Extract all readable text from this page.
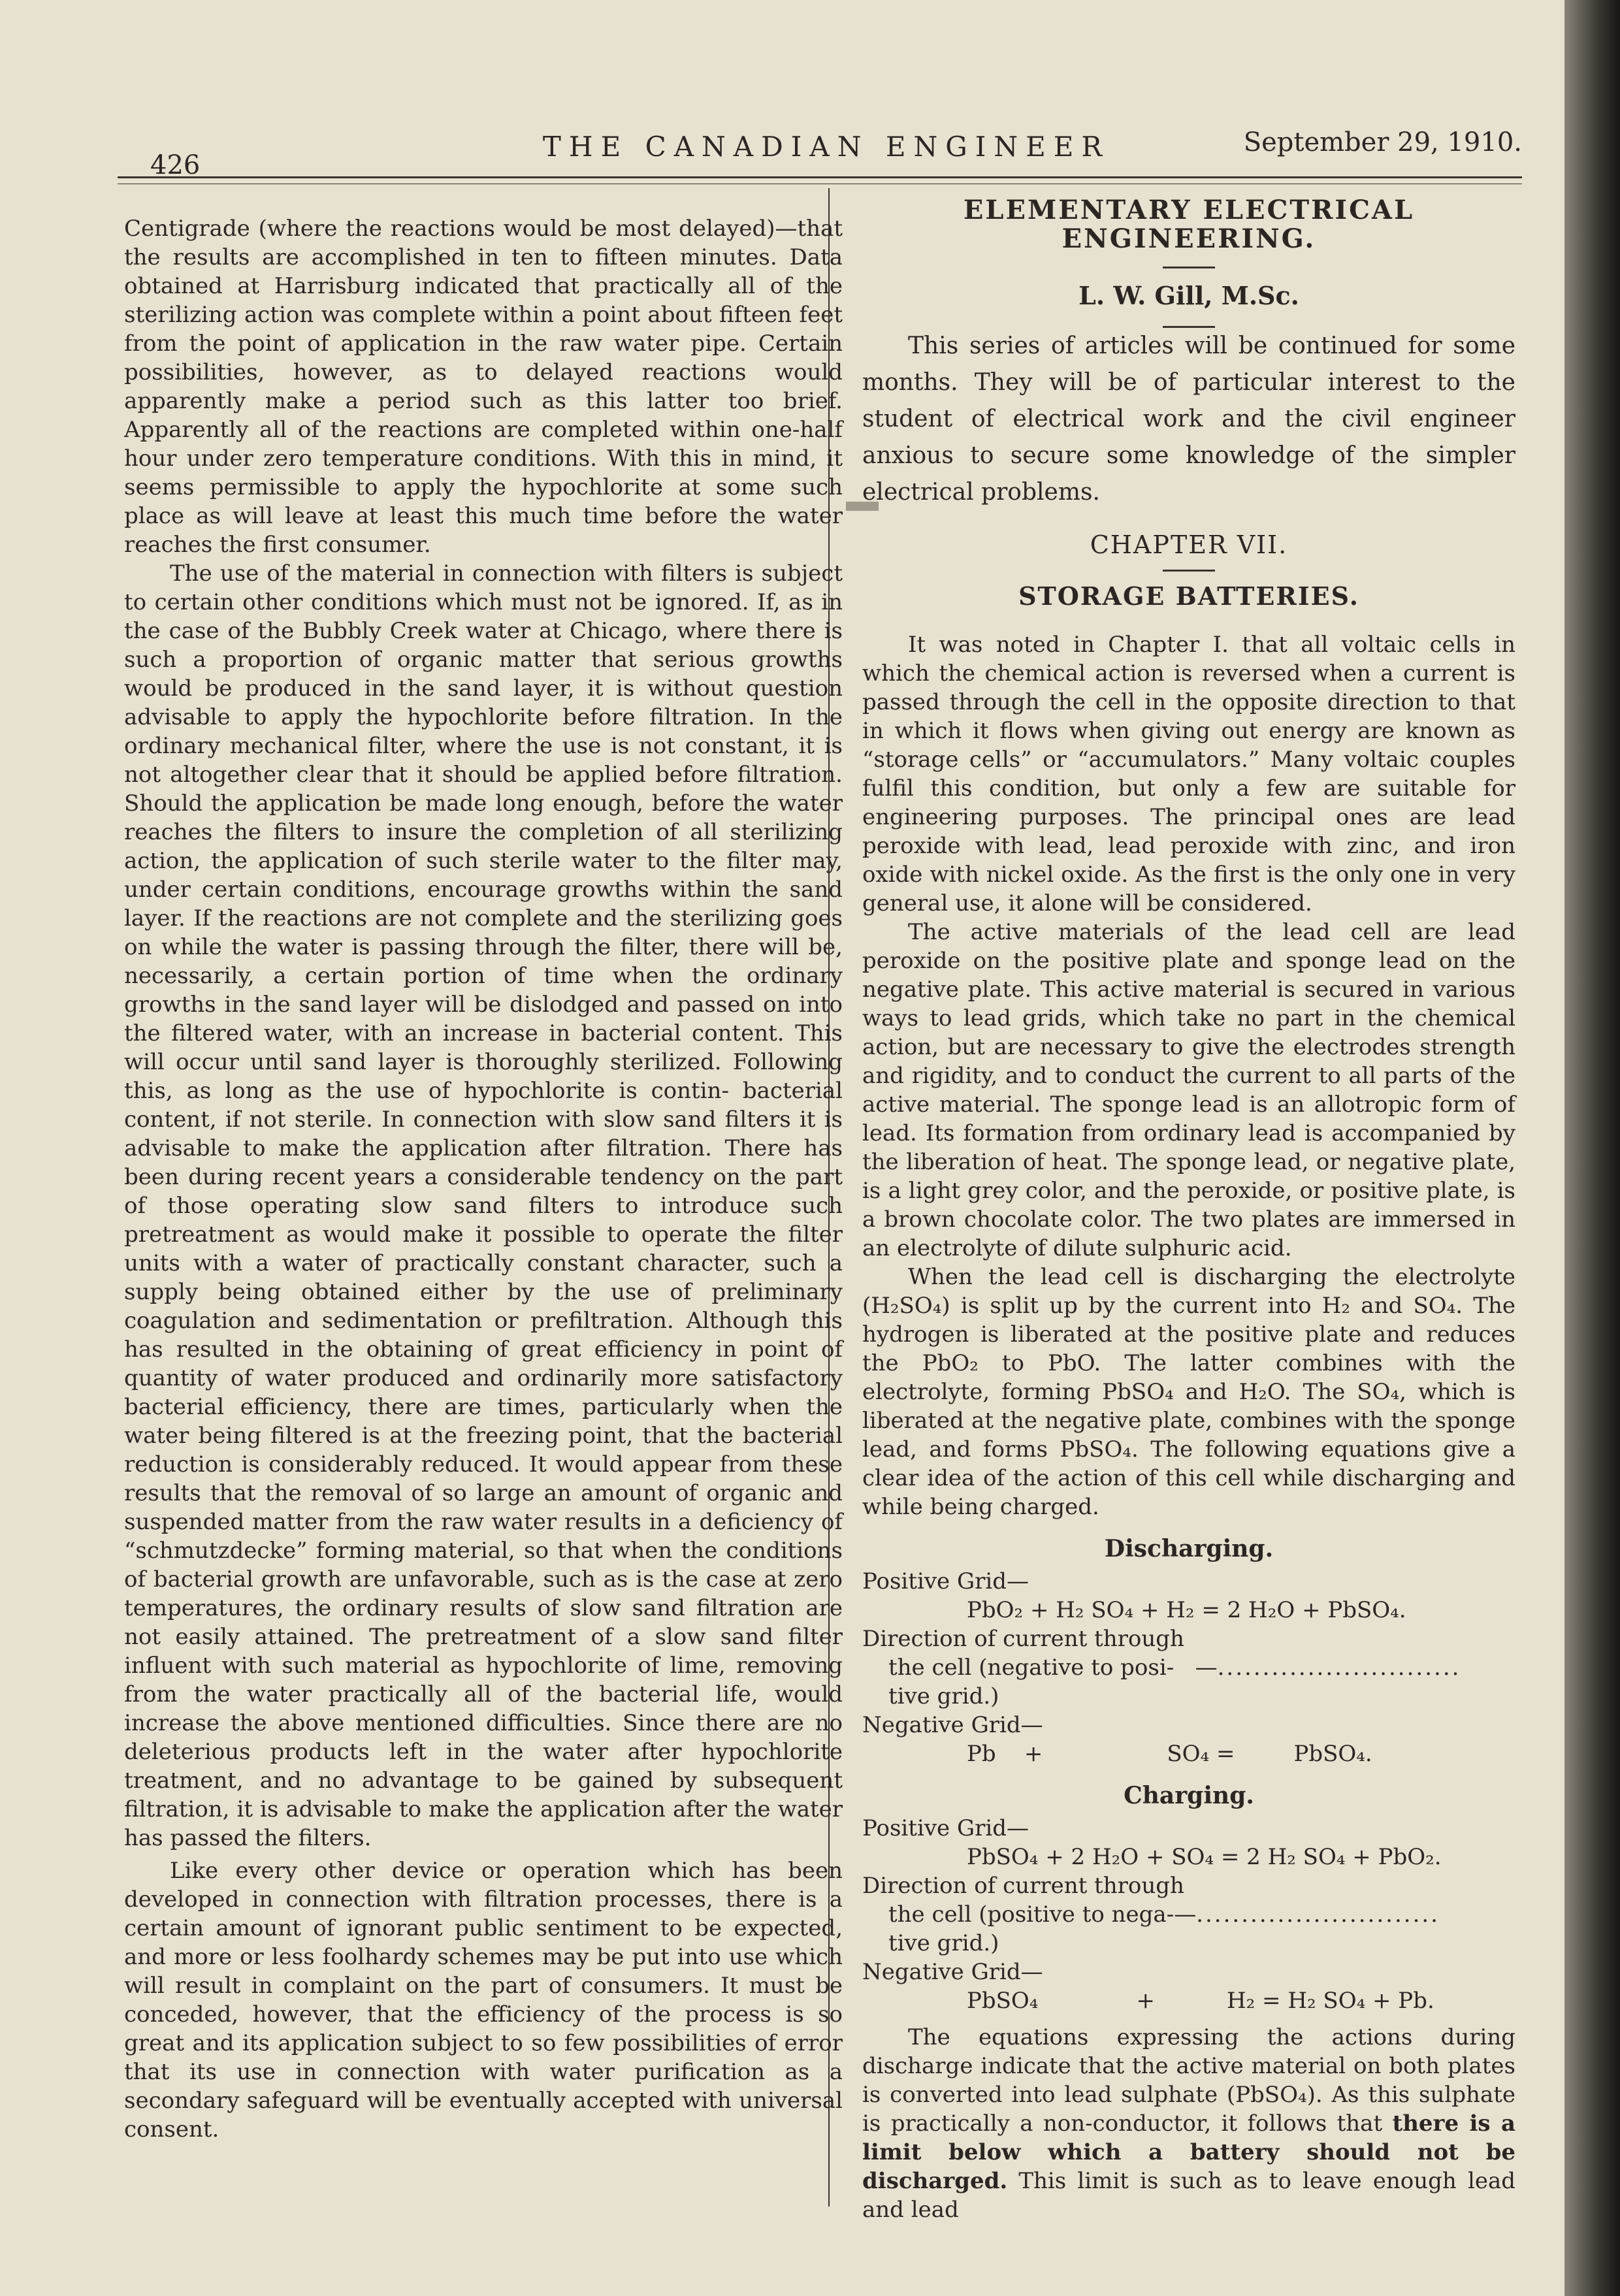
426
THE CANADIAN ENGINEER	September 29, 1910.

Centigrade (where the reactions would be most delayed)—that the results are accomplished in ten to fifteen minutes. Data obtained at Harrisburg indicated that practically all of the sterilizing action was complete within a point about fifteen feet from the point of application in the raw water pipe. Certain possibilities, however, as to delayed reactions would apparently make a period such as this latter too brief. Apparently all of the reactions are completed within one-half hour under zero temperature conditions. With this in mind, it seems permissible to apply the hypochlorite at some such place as will leave at least this much time before the water reaches the first consumer.

The use of the material in connection with filters is subject to certain other conditions which must not be ignored. If, as in the case of the Bubbly Creek water at Chicago, where there is such a proportion of organic matter that serious growths would be produced in the sand layer, it is without question advisable to apply the hypochlorite before filtration. In the ordinary mechanical filter, where the use is not constant, it is not altogether clear that it should be applied before filtration. Should the application be made long enough, before the water reaches the filters to insure the completion of all sterilizing action, the application of such sterile water to the filter may, under certain conditions, encourage growths within the sand layer. If the reactions are not complete and the sterilizing goes on while the water is passing through the filter, there will be, necessarily, a certain portion of time when the ordinary growths in the sand layer will be dislodged and passed on into the filtered water, with an increase in bacterial content. This will occur until sand layer is thoroughly sterilized. Following this, as long as the use of hypochlorite is contin- bacterial content, if not sterile. In connection with slow sand filters it is advisable to make the application after filtration. There has been during recent years a considerable tendency on the part of those operating slow sand filters to introduce such pretreatment as would make it possible to operate the filter units with a water of practically constant character, such a supply being obtained either by the use of preliminary coagulation and sedimentation or prefiltration. Although this has resulted in the obtaining of great efficiency in point of quantity of water produced and ordinarily more satisfactory bacterial efficiency, there are times, particularly when the water being filtered is at the freezing point, that the bacterial reduction is considerably reduced. It would appear from these results that the removal of so large an amount of organic and suspended matter from the raw water results in a deficiency of “schmutzdecke” forming material, so that when the conditions of bacterial growth are unfavorable, such as is the case at zero temperatures, the ordinary results of slow sand filtration are not easily attained. The pretreatment of a slow sand filter influent with such material as hypochlorite of lime, removing from the water practically all of the bacterial life, would increase the above mentioned difficulties. Since there are no deleterious products left in the water after hypochlorite treatment, and no advantage to be gained by subsequent filtration, it is advisable to make the application after the water has passed the filters.

Like every other device or operation which has been developed in connection with filtration processes, there is a certain amount of ignorant public sentiment to be expected, and more or less foolhardy schemes may be put into use which will result in complaint on the part of consumers. It must be conceded, however, that the efficiency of the process is so great and its application subject to so few possibilities of error that its use in connection with water purification as a secondary safeguard will be eventually accepted with universal consent.

ELEMENTARY ELECTRICAL ENGINEERING.
L. W. Gill, M.Sc.

This series of articles will be continued for some months. They will be of particular interest to the student of electrical work and the civil engineer anxious to secure some knowledge of the simpler electrical problems.

CHAPTER VII.
STORAGE BATTERIES.

It was noted in Chapter I. that all voltaic cells in which the chemical action is reversed when a current is passed through the cell in the opposite direction to that in which it flows when giving out energy are known as “storage cells” or “accumulators.” Many voltaic couples fulfil this condition, but only a few are suitable for engineering purposes. The principal ones are lead peroxide with lead, lead peroxide with zinc, and iron oxide with nickel oxide. As the first is the only one in very general use, it alone will be considered.

The active materials of the lead cell are lead peroxide on the positive plate and sponge lead on the negative plate. This active material is secured in various ways to lead grids, which take no part in the chemical action, but are necessary to give the electrodes strength and rigidity, and to conduct the current to all parts of the active material. The sponge lead is an allotropic form of lead. Its formation from ordinary lead is accompanied by the liberation of heat. The sponge lead, or negative plate, is a light grey color, and the peroxide, or positive plate, is a brown chocolate color. The two plates are immersed in an electrolyte of dilute sulphuric acid.

When the lead cell is discharging the electrolyte (H₂SO₄) is split up by the current into H₂ and SO₄. The hydrogen is liberated at the positive plate and reduces the PbO₂ to PbO. The latter combines with the electrolyte, forming PbSO₄ and H₂O. The SO₄, which is liberated at the negative plate, combines with the sponge lead, and forms PbSO₄. The following equations give a clear idea of the action of this cell while discharging and while being charged.

Discharging.
Positive Grid—
PbO₂ + H₂ SO₄ + H₂ = 2 H₂O + PbSO₄.
Direction of current through
the cell (negative to posi- —...........................
tive grid.)
Negative Grid—
Pb +	SO₄ =	PbSO₄.
Charging.
Positive Grid—
PbSO₄ + 2 H₂O + SO₄ = 2 H₂ SO₄ + PbO₂.
Direction of current through
the cell (positive to nega-—...........................
tive grid.)
Negative Grid—
PbSO₄	+	H₂ = H₂ SO₄ + Pb.

The equations expressing the actions during discharge indicate that the active material on both plates is converted into lead sulphate (PbSO₄). As this sulphate is practically a non-conductor, it follows that there is a limit below which a battery should not be discharged. This limit is such as to leave enough lead and lead
